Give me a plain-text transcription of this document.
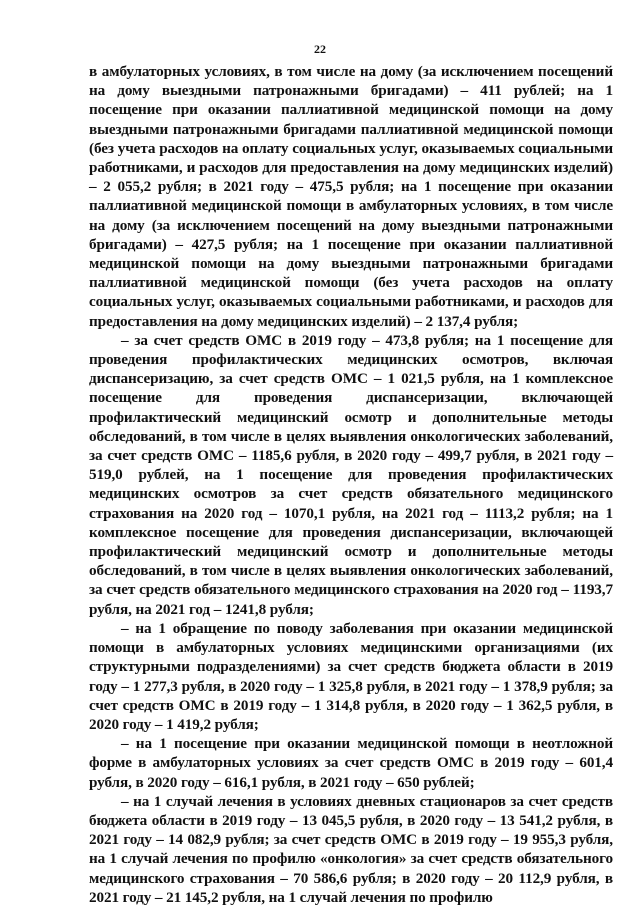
22

в амбулаторных условиях, в том числе на дому (за исключением посещений на дому выездными патронажными бригадами) – 411 рублей; на 1 посещение при оказании паллиативной медицинской помощи на дому выездными патронажными бригадами паллиативной медицинской помощи (без учета расходов на оплату социальных услуг, оказываемых социальными работниками, и расходов для предоставления на дому медицинских изделий) – 2 055,2 рубля; в 2021 году – 475,5 рубля; на 1 посещение при оказании паллиативной медицинской помощи в амбулаторных условиях, в том числе на дому (за исключением посещений на дому выездными патронажными бригадами) – 427,5 рубля; на 1 посещение при оказании паллиативной медицинской помощи на дому выездными патронажными бригадами паллиативной медицинской помощи (без учета расходов на оплату социальных услуг, оказываемых социальными работниками, и расходов для предоставления на дому медицинских изделий) – 2 137,4 рубля;

– за счет средств ОМС в 2019 году – 473,8 рубля; на 1 посещение для проведения профилактических медицинских осмотров, включая диспансеризацию, за счет средств ОМС – 1 021,5 рубля, на 1 комплексное посещение для проведения диспансеризации, включающей профилактический медицинский осмотр и дополнительные методы обследований, в том числе в целях выявления онкологических заболеваний, за счет средств ОМС – 1185,6 рубля, в 2020 году – 499,7 рубля, в 2021 году – 519,0 рублей, на 1 посещение для проведения профилактических медицинских осмотров за счет средств обязательного медицинского страхования на 2020 год – 1070,1 рубля, на 2021 год – 1113,2 рубля; на 1 комплексное посещение для проведения диспансеризации, включающей профилактический медицинский осмотр и дополнительные методы обследований, в том числе в целях выявления онкологических заболеваний, за счет средств обязательного медицинского страхования на 2020 год – 1193,7 рубля, на 2021 год – 1241,8 рубля;

– на 1 обращение по поводу заболевания при оказании медицинской помощи в амбулаторных условиях медицинскими организациями (их структурными подразделениями) за счет средств бюджета области в 2019 году – 1 277,3 рубля, в 2020 году – 1 325,8 рубля, в 2021 году – 1 378,9 рубля; за счет средств ОМС в 2019 году – 1 314,8 рубля, в 2020 году – 1 362,5 рубля, в 2020 году – 1 419,2 рубля;

– на 1 посещение при оказании медицинской помощи в неотложной форме в амбулаторных условиях за счет средств ОМС в 2019 году – 601,4 рубля, в 2020 году – 616,1 рубля, в 2021 году – 650 рублей;

– на 1 случай лечения в условиях дневных стационаров за счет средств бюджета области в 2019 году – 13 045,5 рубля, в 2020 году – 13 541,2 рубля, в 2021 году – 14 082,9 рубля; за счет средств ОМС в 2019 году – 19 955,3 рубля, на 1 случай лечения по профилю «онкология» за счет средств обязательного медицинского страхования – 70 586,6 рубля; в 2020 году – 20 112,9 рубля, в 2021 году – 21 145,2 рубля, на 1 случай лечения по профилю
